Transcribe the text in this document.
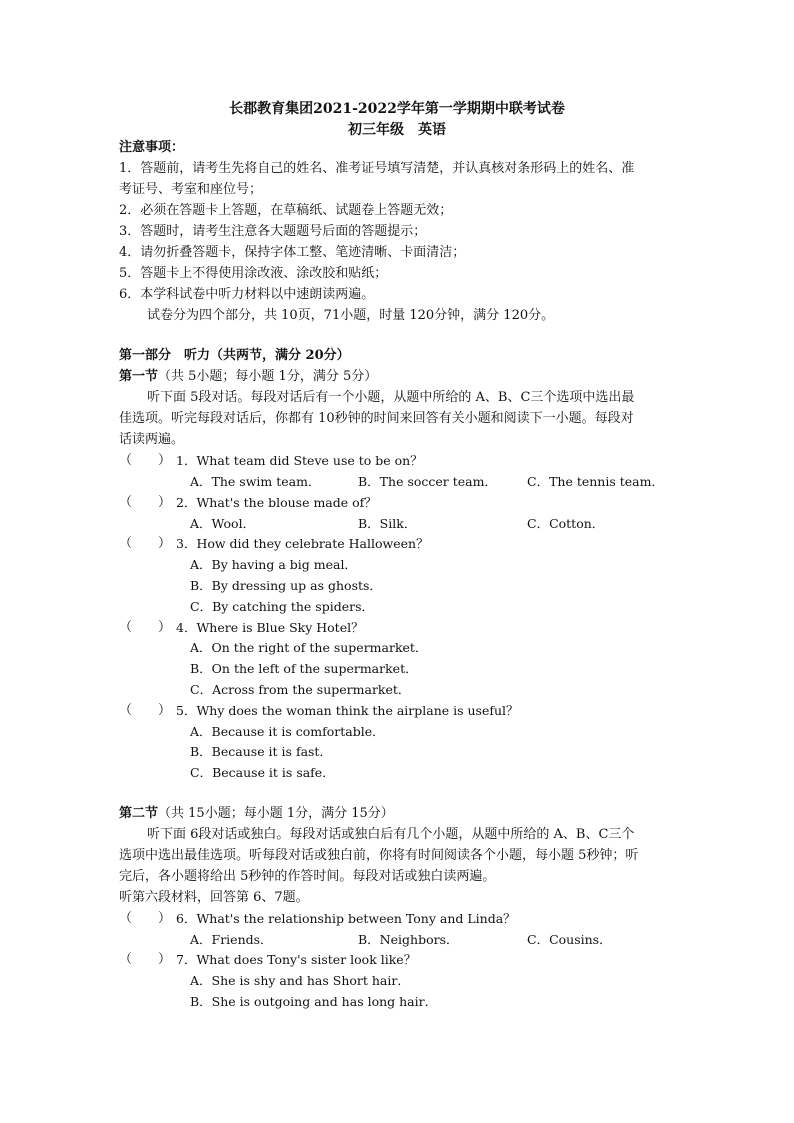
长郡教育集团2021-2022学年第一学期期中联考试卷
初三年级　英语
注意事项：
1．答题前，请考生先将自己的姓名、准考证号填写清楚，并认真核对条形码上的姓名、准
考证号、考室和座位号；
2．必须在答题卡上答题，在草稿纸、试题卷上答题无效；
3．答题时，请考生注意各大题题号后面的答题提示；
4．请勿折叠答题卡，保持字体工整、笔迹清晰、卡面清洁；
5．答题卡上不得使用涂改液、涂改胶和贴纸；
6．本学科试卷中听力材料以中速朗读两遍。
试卷分为四个部分，共 10页，71小题，时量 120分钟，满分 120分。
第一部分　听力（共两节，满分 20分）
第一节（共 5小题；每小题 1分，满分 5分）
听下面 5段对话。每段对话后有一个小题，从题中所给的 A、B、C三个选项中选出最
佳选项。听完每段对话后，你都有 10秒钟的时间来回答有关小题和阅读下一小题。每段对
话读两遍。
（　　） 1．What team did Steve use to be on？
A．The swim team．	B．The soccer team． C．The tennis team．
（　　） 2．What's the blouse made of？
A．Wool．	B．Silk．	C．Cotton．
（　　） 3．How did they celebrate Halloween？
A．By having a big meal．
B．By dressing up as ghosts．
C．By catching the spiders．
（　　） 4．Where is Blue Sky Hotel？
A．On the right of the supermarket．
B．On the left of the supermarket．
C．Across from the supermarket．
（　　） 5．Why does the woman think the airplane is useful？
A．Because it is comfortable．
B．Because it is fast．
C．Because it is safe．
第二节（共 15小题；每小题 1分，满分 15分）
听下面 6段对话或独白。每段对话或独白后有几个小题，从题中所给的 A、B、C三个
选项中选出最佳选项。听每段对话或独白前，你将有时间阅读各个小题，每小题 5秒钟；听
完后，各小题将给出 5秒钟的作答时间。每段对话或独白读两遍。
听第六段材料，回答第 6、7题。
（　　） 6．What's the relationship between Tony and Linda？
A．Friends．	B．Neighbors．	C．Cousins．
（　　） 7．What does Tony's sister look like？
A．She is shy and has Short hair．
B．She is outgoing and has long hair．
